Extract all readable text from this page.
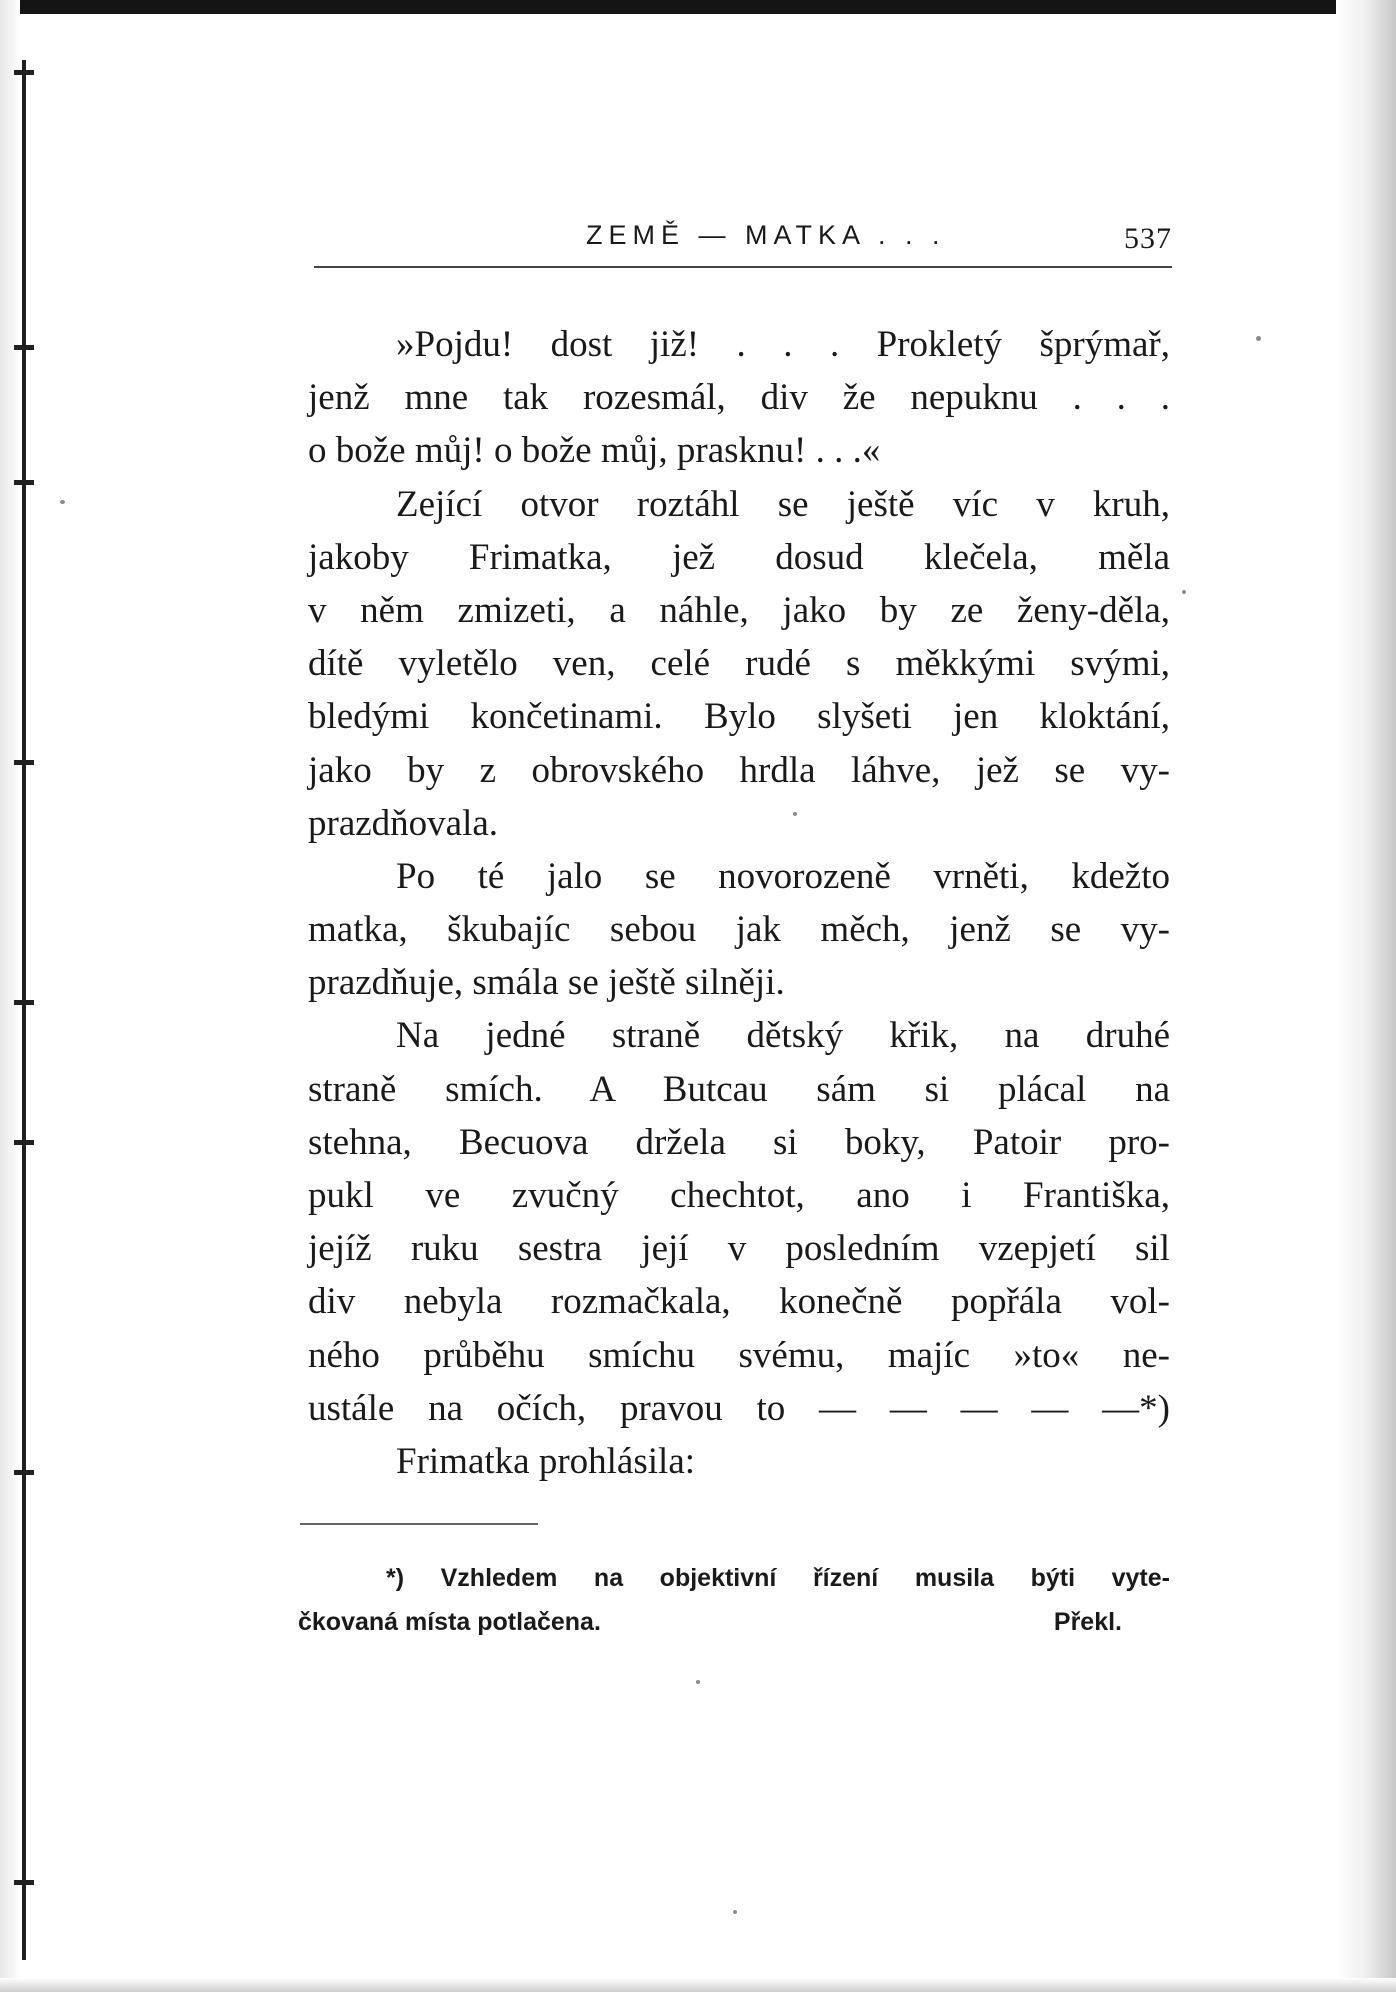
ZEMĚ — MATKA . . .	537
»Pojdu! dost již! . . . Prokletý šprýmař,
jenž mne tak rozesmál, div že nepuknu . . .
o bože můj! o bože můj, prasknu! . . .«
Zející otvor roztáhl se ještě víc v kruh,
jakoby Frimatka, jež dosud klečela, měla
v něm zmizeti, a náhle, jako by ze ženy-děla,
dítě vyletělo ven, celé rudé s měkkými svými,
bledými končetinami. Bylo slyšeti jen kloktání,
jako by z obrovského hrdla láhve, jež se vy-
prazdňovala.
Po té jalo se novorozeně vrněti, kdežto
matka, škubajíc sebou jak měch, jenž se vy-
prazdňuje, smála se ještě silněji.
Na jedné straně dětský křik, na druhé
straně smích. A Butcau sám si plácal na
stehna, Becuova držela si boky, Patoir pro-
pukl ve zvučný chechtot, ano i Františka,
jejíž ruku sestra její v posledním vzepjetí sil
div nebyla rozmačkala, konečně popřála vol-
ného průběhu smíchu svému, majíc »to« ne-
ustále na očích, pravou to — — — — —*)
Frimatka prohlásila:
*) Vzhledem na objektivní řízení musila býti vyte-
čkovaná místa potlačena.	Překl.
